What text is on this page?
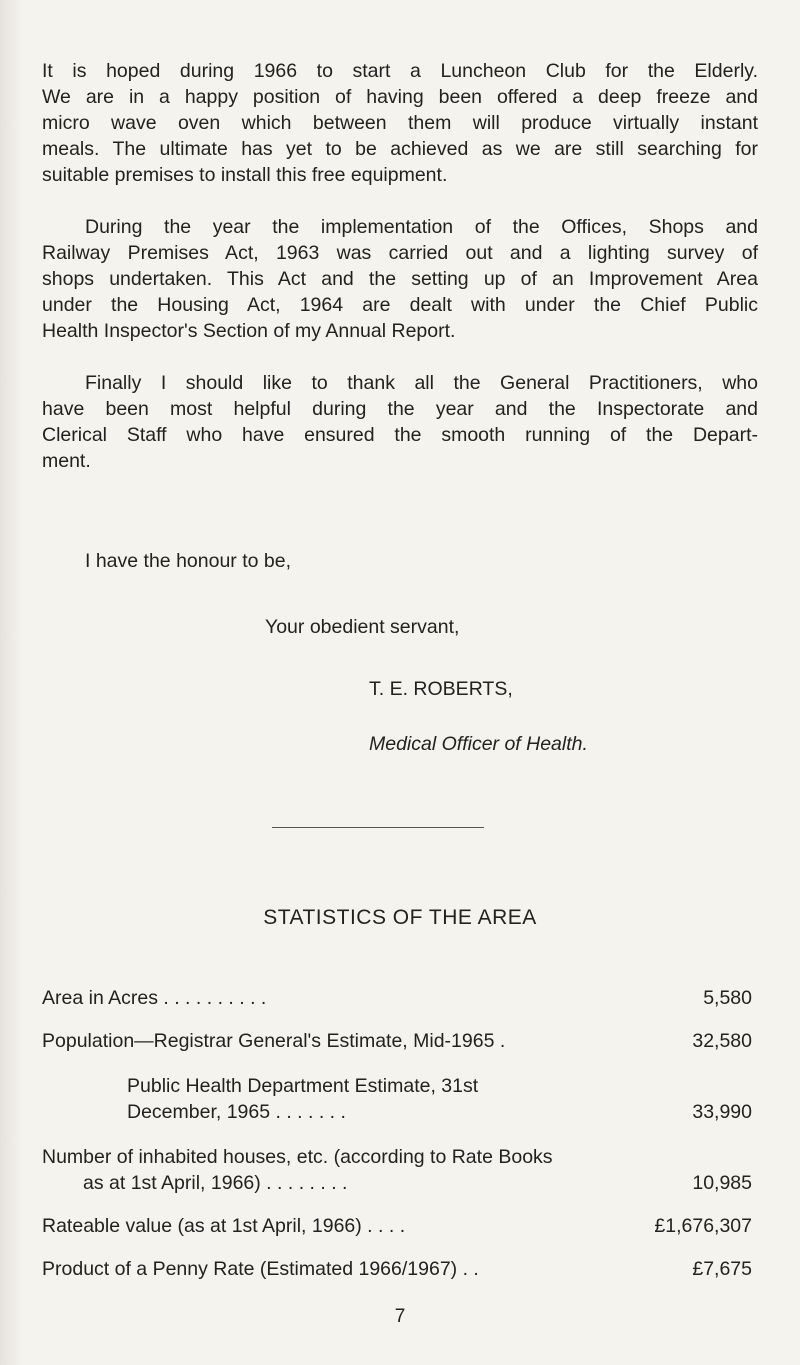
It is hoped during 1966 to start a Luncheon Club for the Elderly.
We are in a happy position of having been offered a deep freeze and
micro wave oven which between them will produce virtually instant
meals. The ultimate has yet to be achieved as we are still searching for
suitable premises to install this free equipment.

During the year the implementation of the Offices, Shops and
Railway Premises Act, 1963 was carried out and a lighting survey of
shops undertaken. This Act and the setting up of an Improvement Area
under the Housing Act, 1964 are dealt with under the Chief Public
Health Inspector's Section of my Annual Report.

Finally I should like to thank all the General Practitioners, who
have been most helpful during the year and the Inspectorate and
Clerical Staff who have ensured the smooth running of the Depart-
ment.

I have the honour to be,

Your obedient servant,

T. E. ROBERTS,

Medical Officer of Health.

STATISTICS OF THE AREA
Area in Acres . . . . . . . . . .	5,580
Population—Registrar General's Estimate, Mid-1965 .	32,580
Public Health Department Estimate, 31st
December, 1965 . . . . . . .	33,990
Number of inhabited houses, etc. (according to Rate Books
as at 1st April, 1966) . . . . . . . .	10,985
Rateable value (as at 1st April, 1966) . . . .	£1,676,307
Product of a Penny Rate (Estimated 1966/1967) . .	£7,675
7
